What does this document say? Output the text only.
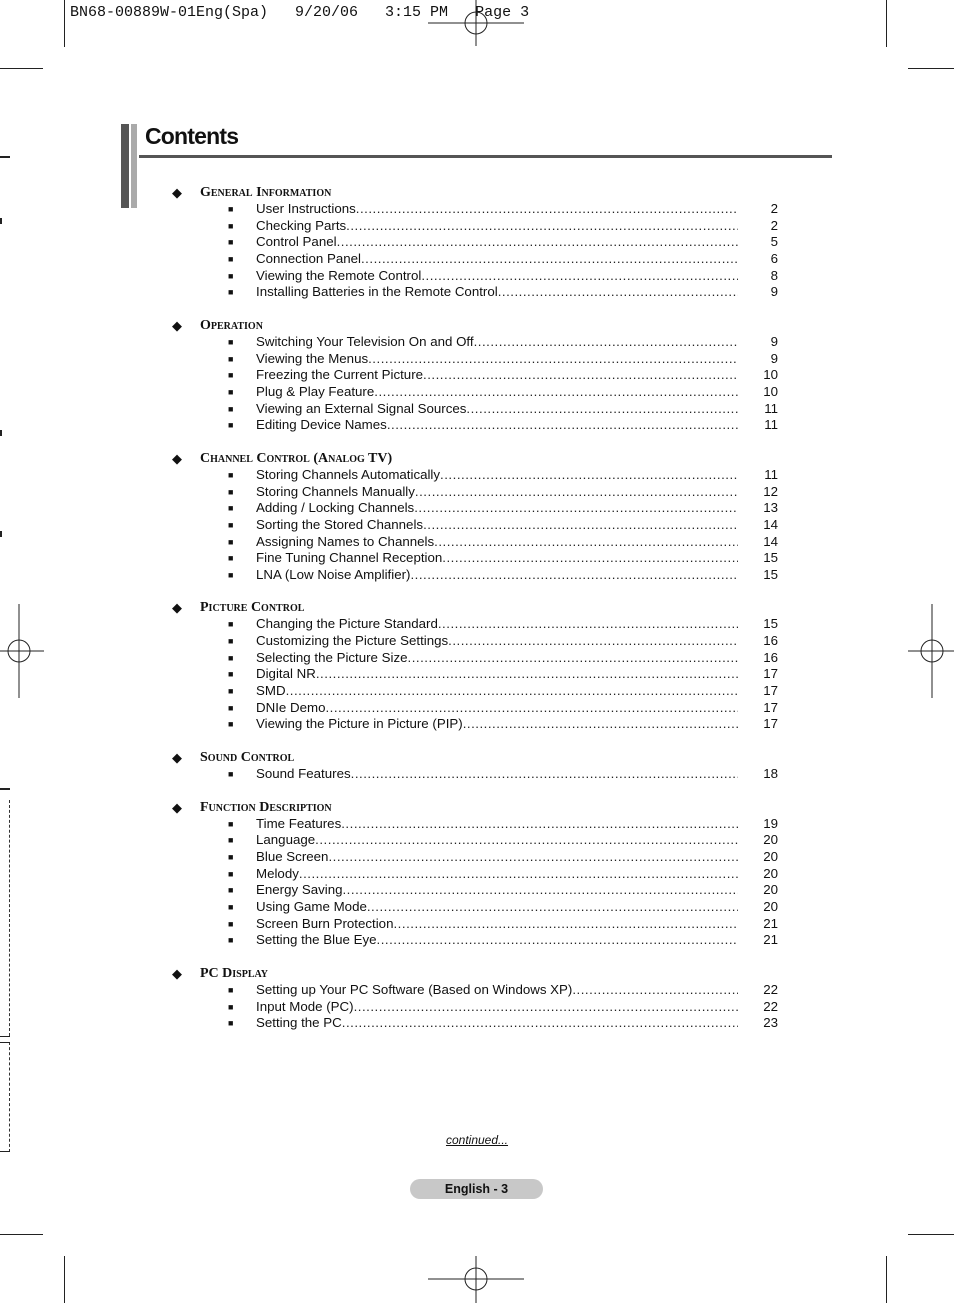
BN68-00889W-01Eng(Spa)   9/20/06   3:15 PM   Page 3
Contents
◆ General Information
■ User Instructions .....	2
■ Checking Parts .....	2
■ Control Panel .....	5
■ Connection Panel .....	6
■ Viewing the Remote Control .....	8
■ Installing Batteries in the Remote Control .....	9
◆ Operation
■ Switching Your Television On and Off .....	9
■ Viewing the Menus .....	9
■ Freezing the Current Picture .....	10
■ Plug & Play Feature .....	10
■ Viewing an External Signal Sources .....	11
■ Editing Device Names .....	11
◆ Channel Control (Analog TV)
■ Storing Channels Automatically .....	11
■ Storing Channels Manually .....	12
■ Adding / Locking Channels .....	13
■ Sorting the Stored Channels .....	14
■ Assigning Names to Channels .....	14
■ Fine Tuning Channel Reception .....	15
■ LNA (Low Noise Amplifier) .....	15
◆ Picture Control
■ Changing the Picture Standard .....	15
■ Customizing the Picture Settings .....	16
■ Selecting the Picture Size .....	16
■ Digital NR .....	17
■ SMD .....	17
■ DNIe Demo .....	17
■ Viewing the Picture in Picture (PIP) .....	17
◆ Sound Control
■ Sound Features .....	18
◆ Function Description
■ Time Features .....	19
■ Language .....	20
■ Blue Screen .....	20
■ Melody .....	20
■ Energy Saving .....	20
■ Using Game Mode .....	20
■ Screen Burn Protection .....	21
■ Setting the Blue Eye .....	21
◆ PC Display
■ Setting up Your PC Software (Based on Windows XP) .....	22
■ Input Mode (PC) .....	22
■ Setting the PC .....	23
continued...
English - 3
